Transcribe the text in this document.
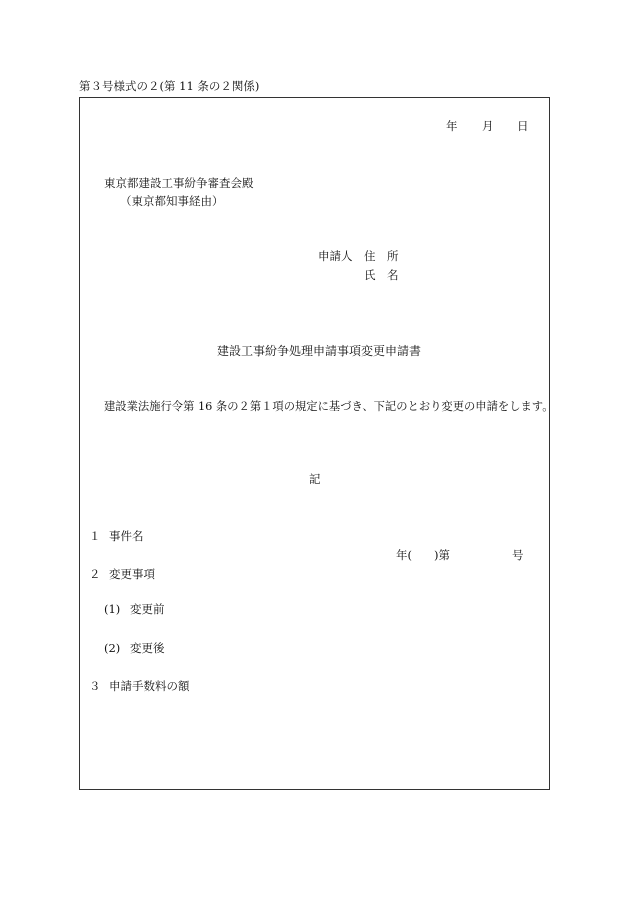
第３号様式の２(第 11 条の２関係)
年 月 日
東京都建設工事紛争審査会殿
（東京都知事経由）
申請人 住　所
氏　名
建設工事紛争処理申請事項変更申請書
建設業法施行令第 16 条の２第１項の規定に基づき、下記のとおり変更の申請をします。
記
１ 事件名
年( )第	号
２ 変更事項
(1) 変更前
(2) 変更後
３ 申請手数料の額
